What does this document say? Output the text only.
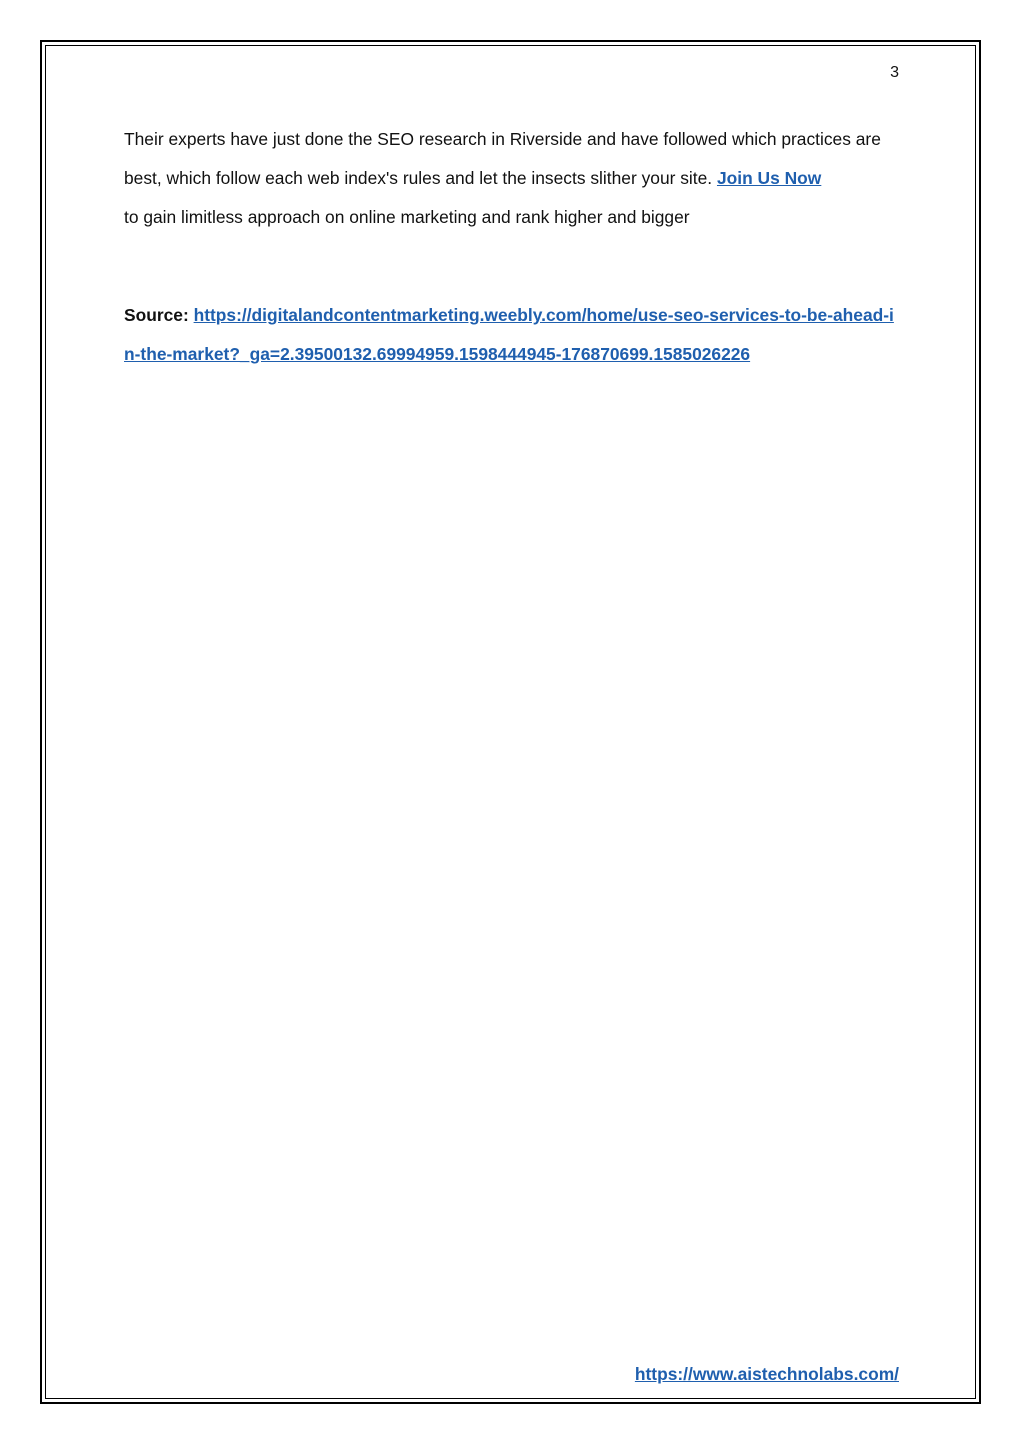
3

Their experts have just done the SEO research in Riverside and have followed which practices are best, which follow each web index's rules and let the insects slither your site. Join Us Now
to gain limitless approach on online marketing and rank higher and bigger

Source: https://digitalandcontentmarketing.weebly.com/home/use-seo-services-to-be-ahead-in-the-market?_ga=2.39500132.69994959.1598444945-176870699.1585026226

https://www.aistechnolabs.com/
